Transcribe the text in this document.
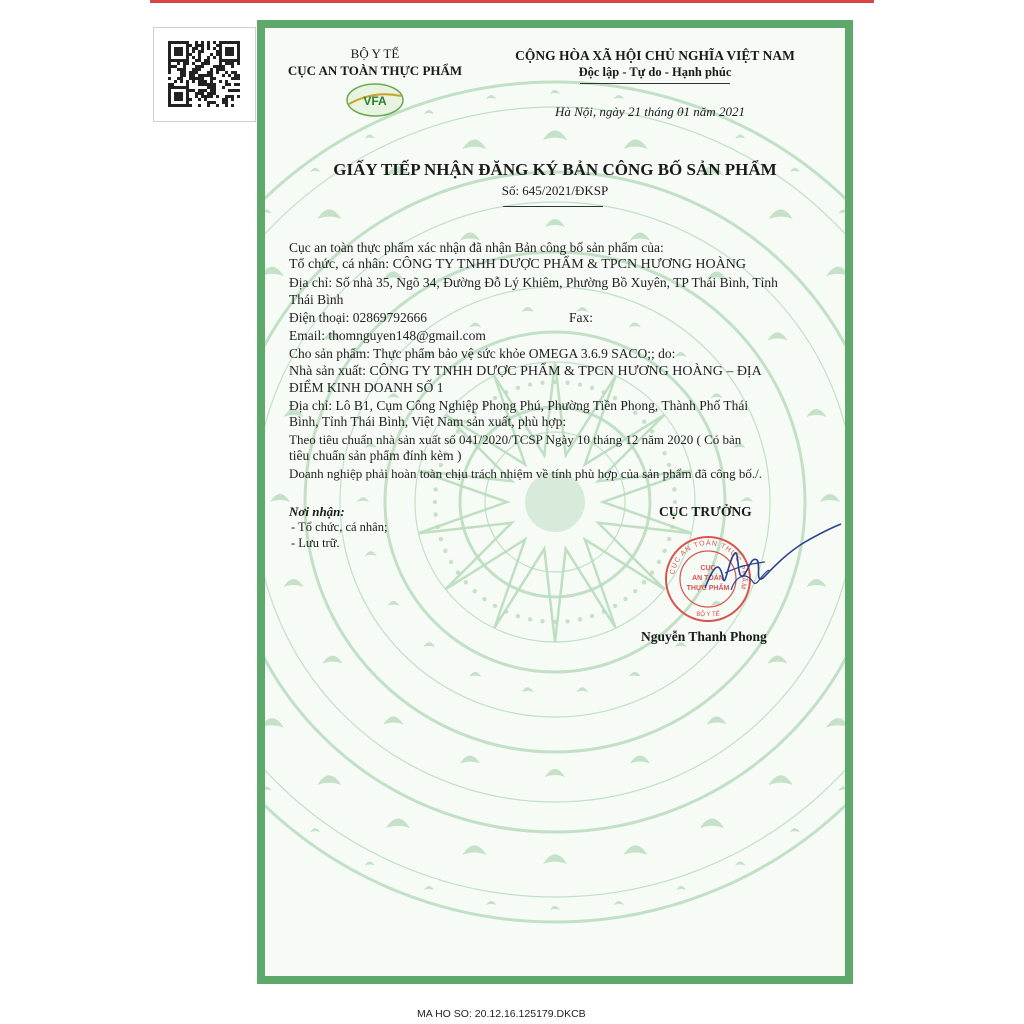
BỘ Y TẾ
CỤC AN TOÀN THỰC PHẨM
VFA
CỘNG HÒA XÃ HỘI CHỦ NGHĨA VIỆT NAM
Độc lập - Tự do - Hạnh phúc
Hà Nội, ngày 21 tháng 01 năm 2021
GIẤY TIẾP NHẬN ĐĂNG KÝ BẢN CÔNG BỐ SẢN PHẨM
Số: 645/2021/ĐKSP
Cục an toàn thực phẩm xác nhận đã nhận Bản công bố sản phẩm của:
Tổ chức, cá nhân: CÔNG TY TNHH DƯỢC PHẨM & TPCN HƯƠNG HOÀNG
Địa chỉ: Số nhà 35, Ngõ 34, Đường Đỗ Lý Khiêm, Phường Bồ Xuyên, TP Thái Bình, Tỉnh
Thái Bình
Điện thoại: 02869792666	Fax:
Email: thomnguyen148@gmail.com
Cho sản phẩm: Thực phẩm bảo vệ sức khỏe OMEGA 3.6.9 SACO;; do:
Nhà sản xuất: CÔNG TY TNHH DƯỢC PHẨM & TPCN HƯƠNG HOÀNG – ĐỊA
ĐIỂM KINH DOANH SỐ 1
Địa chỉ: Lô B1, Cụm Công Nghiệp Phong Phú, Phường Tiền Phong, Thành Phố Thái
Bình, Tỉnh Thái Bình, Việt Nam sản xuất, phù hợp:
Theo tiêu chuẩn nhà sản xuất số 041/2020/TCSP Ngày 10 tháng 12 năm 2020 ( Có bản
tiêu chuẩn sản phẩm đính kèm )
Doanh nghiệp phải hoàn toàn chịu trách nhiệm về tính phù hợp của sản phẩm đã công bố./.
Nơi nhận:
- Tổ chức, cá nhân;
- Lưu trữ.
CỤC TRƯỞNG
CỤC AN TOÀN THỰC PHẨM
CỤC
AN TOÀN
THỰC PHẨM
BỘ Y TẾ
Nguyễn Thanh Phong
MA HO SO: 20.12.16.125179.DKCB
